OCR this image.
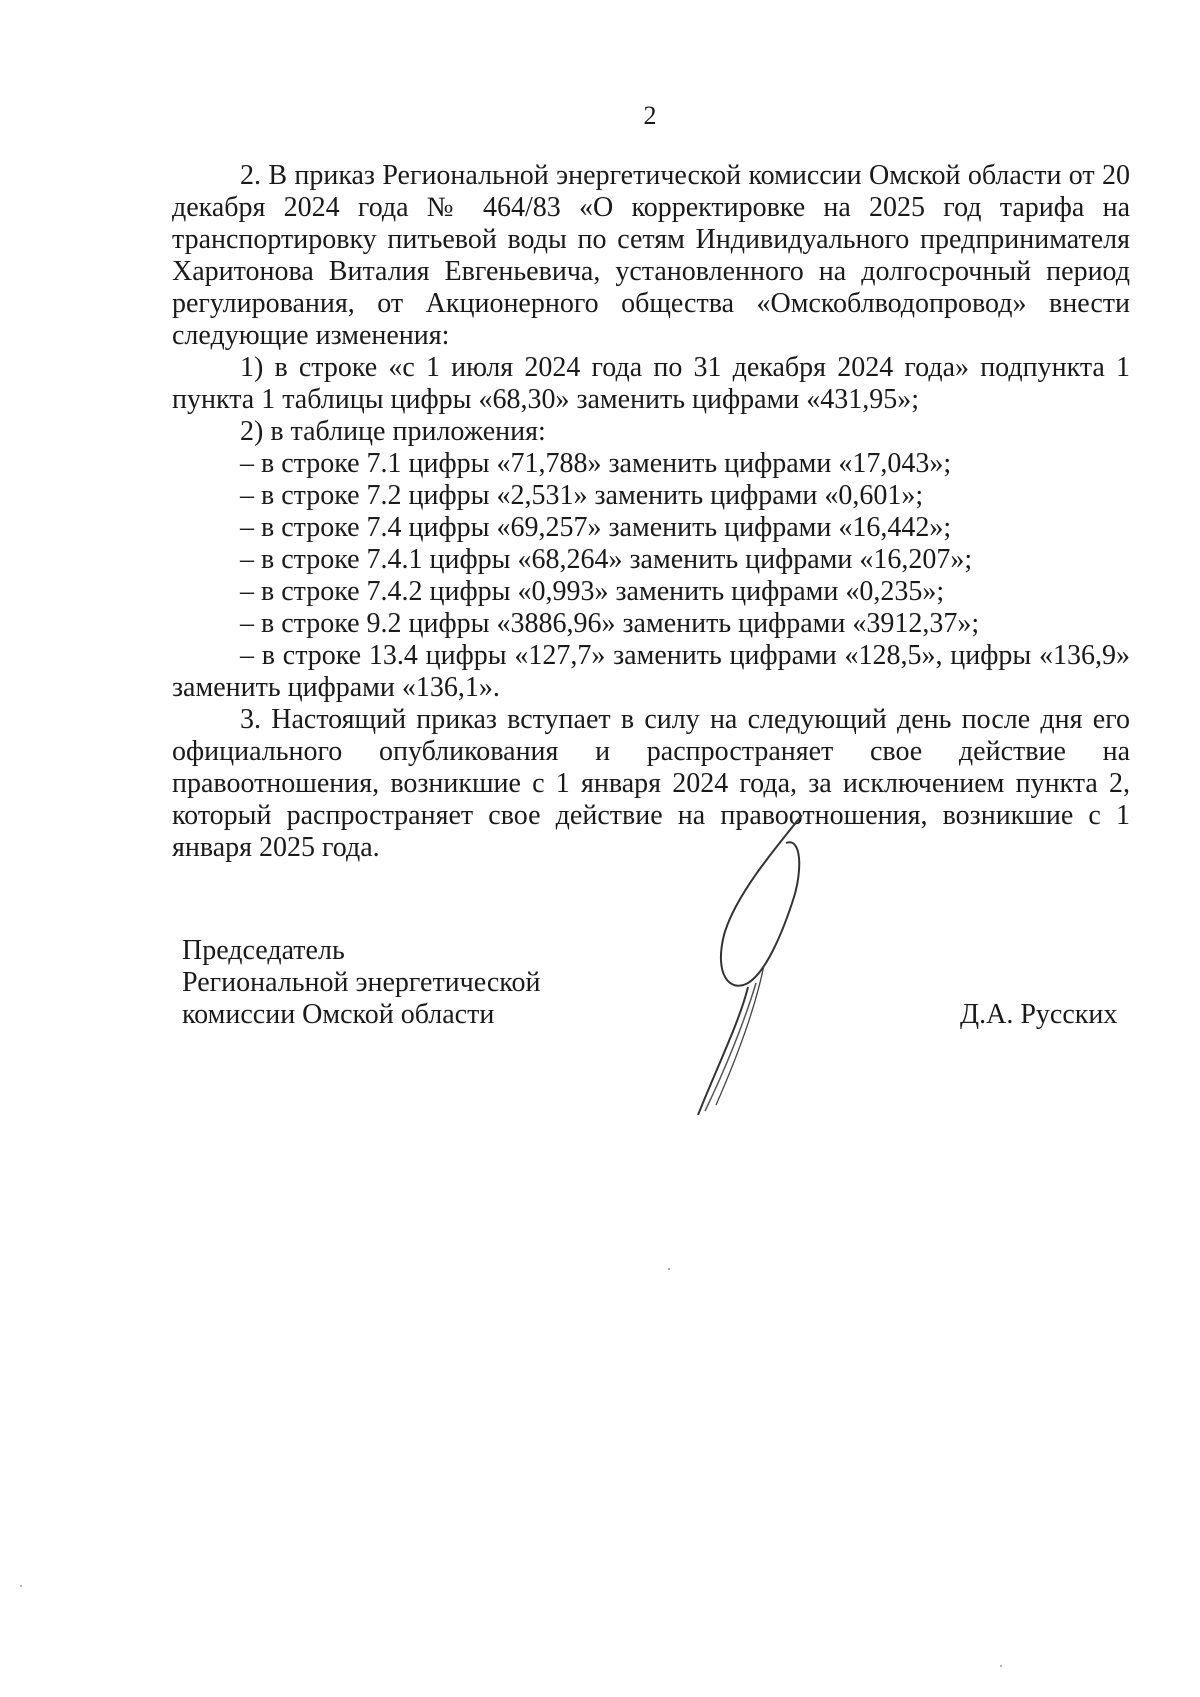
2

2. В приказ Региональной энергетической комиссии Омской области от 20 декабря 2024 года № 464/83 «О корректировке на 2025 год тарифа на транспортировку питьевой воды по сетям Индивидуального предпринимателя Харитонова Виталия Евгеньевича, установленного на долгосрочный период регулирования, от Акционерного общества «Омскоблводопровод» внести следующие изменения:

1) в строке «с 1 июля 2024 года по 31 декабря 2024 года» подпункта 1 пункта 1 таблицы цифры «68,30» заменить цифрами «431,95»;

2) в таблице приложения:

– в строке 7.1 цифры «71,788» заменить цифрами «17,043»;

– в строке 7.2 цифры «2,531» заменить цифрами «0,601»;

– в строке 7.4 цифры «69,257» заменить цифрами «16,442»;

– в строке 7.4.1 цифры «68,264» заменить цифрами «16,207»;

– в строке 7.4.2 цифры «0,993» заменить цифрами «0,235»;

– в строке 9.2 цифры «3886,96» заменить цифрами «3912,37»;

– в строке 13.4 цифры «127,7» заменить цифрами «128,5», цифры «136,9» заменить цифрами «136,1».

3. Настоящий приказ вступает в силу на следующий день после дня его официального опубликования и распространяет свое действие на правоотношения, возникшие с 1 января 2024 года, за исключением пункта 2, который распространяет свое действие на правоотношения, возникшие с 1 января 2025 года.

Председатель
Региональной энергетической
комиссии Омской области	Д.А. Русских
